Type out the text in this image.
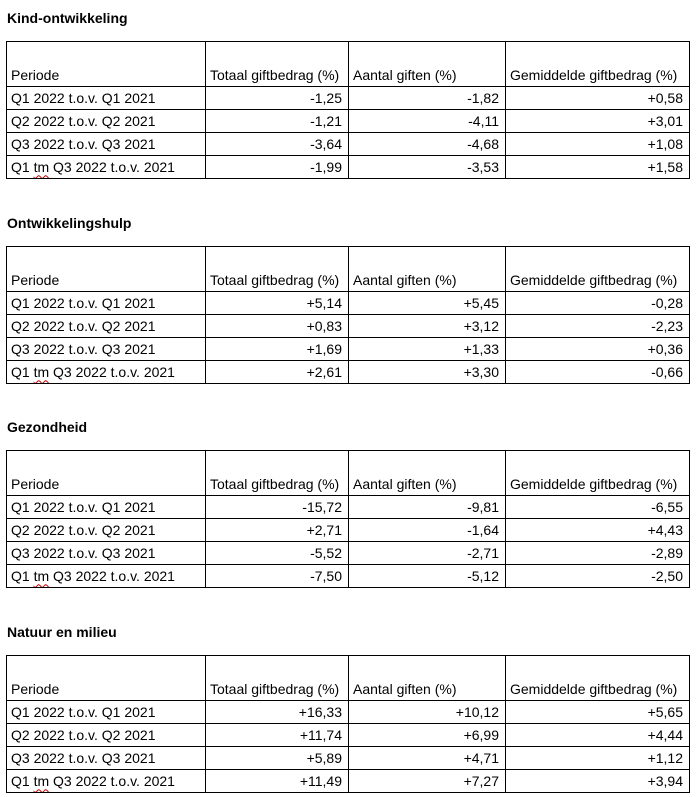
Kind-ontwikkeling
Periode	Totaal giftbedrag (%)	Aantal giften (%)	Gemiddelde giftbedrag (%)

Q1 2022 t.o.v. Q1 2021	-1,25	-1,82	+0,58
Q2 2022 t.o.v. Q2 2021	-1,21	-4,11	+3,01
Q3 2022 t.o.v. Q3 2021	-3,64	-4,68	+1,08
Q1 tm Q3 2022 t.o.v. 2021	-1,99	-3,53	+1,58
Ontwikkelingshulp
Periode	Totaal giftbedrag (%)	Aantal giften (%)	Gemiddelde giftbedrag (%)

Q1 2022 t.o.v. Q1 2021	+5,14	+5,45	-0,28
Q2 2022 t.o.v. Q2 2021	+0,83	+3,12	-2,23
Q3 2022 t.o.v. Q3 2021	+1,69	+1,33	+0,36
Q1 tm Q3 2022 t.o.v. 2021	+2,61	+3,30	-0,66
Gezondheid
Periode	Totaal giftbedrag (%)	Aantal giften (%)	Gemiddelde giftbedrag (%)

Q1 2022 t.o.v. Q1 2021	-15,72	-9,81	-6,55
Q2 2022 t.o.v. Q2 2021	+2,71	-1,64	+4,43
Q3 2022 t.o.v. Q3 2021	-5,52	-2,71	-2,89
Q1 tm Q3 2022 t.o.v. 2021	-7,50	-5,12	-2,50
Natuur en milieu
Periode	Totaal giftbedrag (%)	Aantal giften (%)	Gemiddelde giftbedrag (%)

Q1 2022 t.o.v. Q1 2021	+16,33	+10,12	+5,65
Q2 2022 t.o.v. Q2 2021	+11,74	+6,99	+4,44
Q3 2022 t.o.v. Q3 2021	+5,89	+4,71	+1,12
Q1 tm Q3 2022 t.o.v. 2021	+11,49	+7,27	+3,94
